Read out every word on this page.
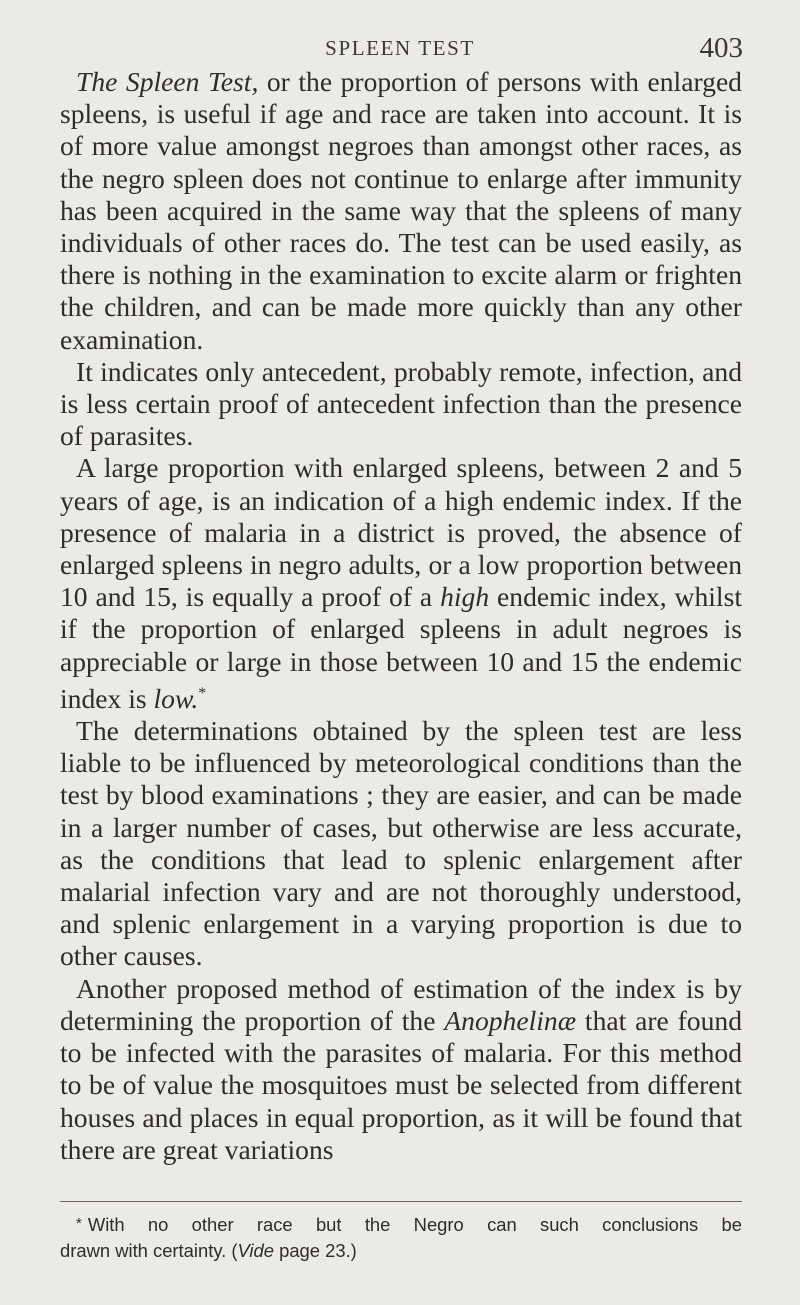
SPLEEN TEST	403

The Spleen Test, or the proportion of persons with enlarged spleens, is useful if age and race are taken into account. It is of more value amongst negroes than amongst other races, as the negro spleen does not continue to enlarge after immunity has been acquired in the same way that the spleens of many individuals of other races do. The test can be used easily, as there is nothing in the examination to excite alarm or frighten the children, and can be made more quickly than any other examination.

It indicates only antecedent, probably remote, infection, and is less certain proof of antecedent infection than the presence of parasites.

A large proportion with enlarged spleens, between 2 and 5 years of age, is an indication of a high endemic index. If the presence of malaria in a district is proved, the absence of enlarged spleens in negro adults, or a low proportion between 10 and 15, is equally a proof of a high endemic index, whilst if the proportion of enlarged spleens in adult negroes is appreciable or large in those between 10 and 15 the endemic index is low.*

The determinations obtained by the spleen test are less liable to be influenced by meteorological conditions than the test by blood examinations ; they are easier, and can be made in a larger number of cases, but otherwise are less accurate, as the conditions that lead to splenic enlargement after malarial infection vary and are not thoroughly understood, and splenic enlargement in a varying proportion is due to other causes.

Another proposed method of estimation of the index is by determining the proportion of the Anophelinæ that are found to be infected with the parasites of malaria. For this method to be of value the mosquitoes must be selected from different houses and places in equal proportion, as it will be found that there are great variations

* With no other race but the Negro can such conclusions be
drawn with certainty. (Vide page 23.)
